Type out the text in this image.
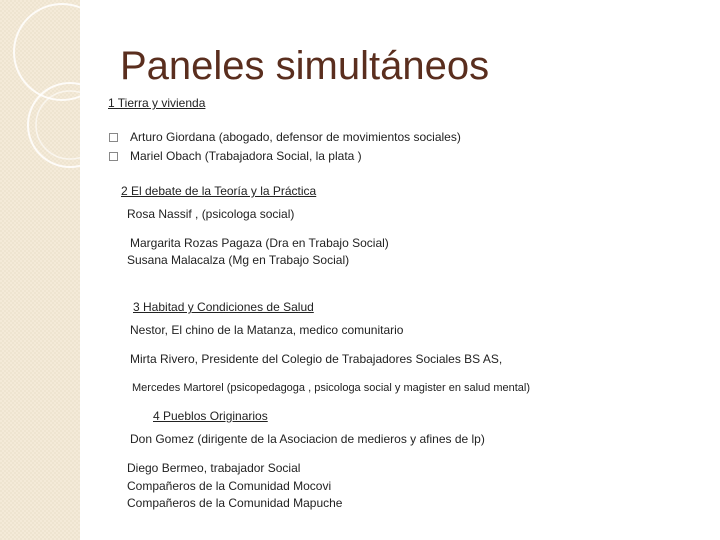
Paneles simultáneos
1 Tierra y vivienda
Arturo Giordana (abogado, defensor de movimientos sociales)
Mariel Obach (Trabajadora Social, la plata )
2 El debate de la Teoría y la Práctica
Rosa Nassif , (psicologa social)
Margarita Rozas Pagaza (Dra en Trabajo Social)
Susana Malacalza (Mg en Trabajo Social)
3 Habitad y Condiciones de Salud
Nestor, El chino de la Matanza, medico comunitario
Mirta Rivero, Presidente del Colegio de Trabajadores Sociales BS AS,
Mercedes Martorel (psicopedagoga , psicologa social y magister en salud mental)
4 Pueblos Originarios
Don Gomez (dirigente de la Asociacion de medieros y afines de lp)
Diego Bermeo, trabajador Social
Compañeros de la Comunidad Mocovi
Compañeros de la Comunidad Mapuche
